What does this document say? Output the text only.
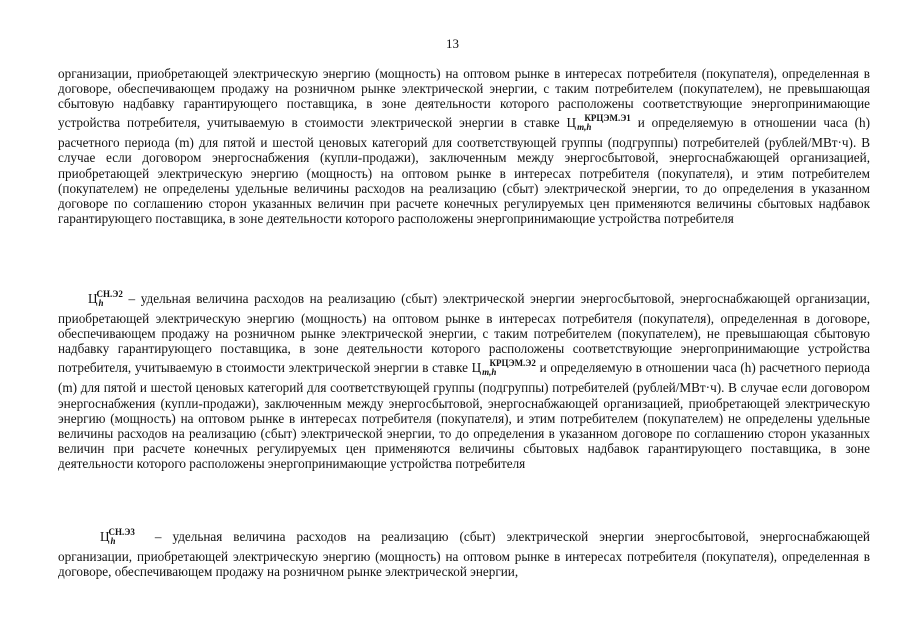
13

организации, приобретающей электрическую энергию (мощность) на оптовом рынке в интересах потребителя (покупателя), определенная в договоре, обеспечивающем продажу на розничном рынке электрической энергии, с таким потребителем (покупателем), не превышающая сбытовую надбавку гарантирующего поставщика, в зоне деятельности которого расположены соответствующие энергопринимающие устройства потребителя, учитываемую в стоимости электрической энергии в ставке $Ц_{m,h}^{КРЦЭМ.Э1}$ и определяемую в отношении часа (h) расчетного периода (m) для пятой и шестой ценовых категорий для соответствующей группы (подгруппы) потребителей (рублей/МВт·ч). В случае если договором энергоснабжения (купли-продажи), заключенным между энергосбытовой, энергоснабжающей организацией, приобретающей электрическую энергию (мощность) на оптовом рынке в интересах потребителя (покупателя), и этим потребителем (покупателем) не определены удельные величины расходов на реализацию (сбыт) электрической энергии, то до определения в указанном договоре по соглашению сторон указанных величин при расчете конечных регулируемых цен применяются величины сбытовых надбавок гарантирующего поставщика, в зоне деятельности которого расположены энергопринимающие устройства потребителя

$Ц_h^{СН.Э2}$ – удельная величина расходов на реализацию (сбыт) электрической энергии энергосбытовой, энергоснабжающей организации, приобретающей электрическую энергию (мощность) на оптовом рынке в интересах потребителя (покупателя), определенная в договоре, обеспечивающем продажу на розничном рынке электрической энергии, с таким потребителем (покупателем), не превышающая сбытовую надбавку гарантирующего поставщика, в зоне деятельности которого расположены соответствующие энергопринимающие устройства потребителя, учитываемую в стоимости электрической энергии в ставке $Ц_{m,h}^{КРЦЭМ.Э2}$ и определяемую в отношении часа (h) расчетного периода (m) для пятой и шестой ценовых категорий для соответствующей группы (подгруппы) потребителей (рублей/МВт·ч). В случае если договором энергоснабжения (купли-продажи), заключенным между энергосбытовой, энергоснабжающей организацией, приобретающей электрическую энергию (мощность) на оптовом рынке в интересах потребителя (покупателя), и этим потребителем (покупателем) не определены удельные величины расходов на реализацию (сбыт) электрической энергии, то до определения в указанном договоре по соглашению сторон указанных величин при расчете конечных регулируемых цен применяются величины сбытовых надбавок гарантирующего поставщика, в зоне деятельности которого расположены энергопринимающие устройства потребителя

$Ц_h^{СН.Э3}$ – удельная величина расходов на реализацию (сбыт) электрической энергии энергосбытовой, энергоснабжающей организации, приобретающей электрическую энергию (мощность) на оптовом рынке в интересах потребителя (покупателя), определенная в договоре, обеспечивающем продажу на розничном рынке электрической энергии,
